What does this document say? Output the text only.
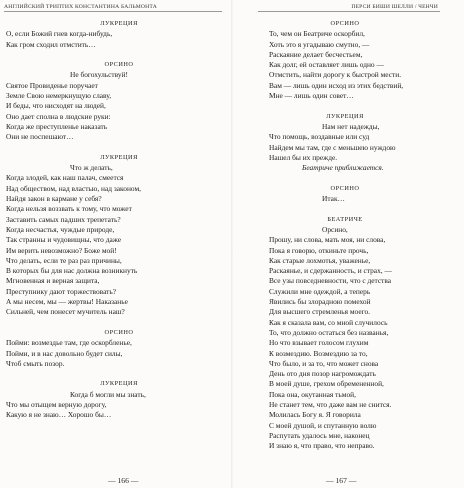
АНГЛИЙСКИЙ ТРИПТИХ КОНСТАНТИНА БАЛЬМОНТА
ЛУКРЕЦИЯ
О, если Божий гнев когда-нибудь,
Как гром сходил отмстить…
ОРСИНО
Не богохульствуй!
Святое Провиденье поручает
Земле Свою немеркнущую славу,
И беды, что нисходят на людей,
Оно дает сполна в людские руки:
Когда же преступленье наказать
Они не поспешают…
ЛУКРЕЦИЯ
Что ж делать,
Когда злодей, как наш палач, смеется
Над обществом, над властью, над законом,
Найдя закон в кармане у себя?
Когда нельзя воззвать к тому, что может
Заставить самых падших трепетать?
Когда несчастья, чуждые природе,
Так странны и чудовищны, что даже
Им верить невозможно? Боже мой!
Что делать, если те раз раз причины,
В которых бы для нас должна возникнуть
Мгновенная и верная защита,
Преступнику дают торжествовать?
А мы несем, мы — жертвы! Наказанье
Сильней, чем понесет мучитель наш?
ОРСИНО
Пойми: возмездье там, где оскорбленье,
Пойми, и в нас довольно будет силы,
Чтоб смыть позор.
ЛУКРЕЦИЯ
Когда б могли мы знать,
Что мы отыщем верную дорогу,
Какую я не знаю… Хорошо бы…
— 166 —
ПЕРСИ БИШИ ШЕЛЛИ / ЧЕНЧИ
ОРСИНО
То, чем он Беатриче оскорбил,
Хоть это я угадываю смутно, —
Раскаяние делает бесчестьем,
Как долг, ей оставляет лишь одно —
Отмстить, найти дорогу к быстрой мести.
Вам — лишь один исход из этих бедствий,
Мне — лишь один совет…
ЛУКРЕЦИЯ
Нам нет надежды,
Что помощь, воздавные или суд
Найдем мы там, где с меньшею нуждою
Нашел бы их прежде.
Беатриче приближается.
ОРСИНО
Итак…
БЕАТРИЧЕ
Орсино,
Прошу, ни слова, мать моя, ни слова,
Пока я говорю, откиньте прочь,
Как старые лохмотья, уваженье,
Раскаянье, и сдержанность, и страх, —
Все узы повседневности, что с детства
Служили мне одеждой, а теперь
Явились бы злорадною помехой
Для высшего стремленья моего.
Как я сказала вам, со мной случилось
То, что должно остаться без названья,
Но что взывает голосом глухим
К возмездию. Возмездию за то,
Что было, и за то, что может снова
День ото дня позор нагромождать
В моей душе, грехом обремененной,
Пока она, окутанная тьмой,
Не станет тем, что даже вам не снится.
Молилась Богу я. Я говорила
С моей душой, и спутанную волю
Распутать удалось мне, наконец
И знаю я, что право, что неправо.
— 167 —
